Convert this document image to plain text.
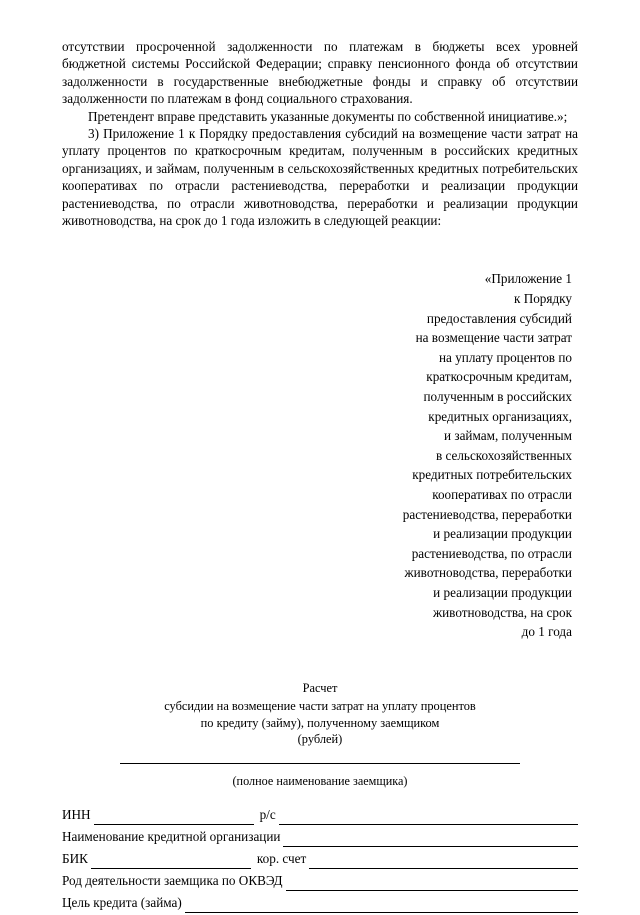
отсутствии просроченной задолженности по платежам в бюджеты всех уровней бюджетной системы Российской Федерации; справку пенсионного фонда об отсутствии задолженности в государственные внебюджетные фонды и справку об отсутствии задолженности по платежам в фонд социального страхования.

Претендент вправе представить указанные документы по собственной инициативе.»;

3) Приложение 1 к Порядку предоставления субсидий на возмещение части затрат на уплату процентов по краткосрочным кредитам, полученным в российских кредитных организациях, и займам, полученным в сельскохозяйственных кредитных потребительских кооперативах по отрасли растениеводства, переработки и реализации продукции растениеводства, по отрасли животноводства, переработки и реализации продукции животноводства, на срок до 1 года изложить в следующей реакции:

«Приложение 1
к Порядку
предоставления субсидий
на возмещение части затрат
на уплату процентов по
краткосрочным кредитам,
полученным в российских
кредитных организациях,
и займам, полученным
в сельскохозяйственных
кредитных потребительских
кооперативах по отрасли
растениеводства, переработки
и реализации продукции
растениеводства, по отрасли
животноводства, переработки
и реализации продукции
животноводства, на срок
до 1 года
Расчет
субсидии на возмещение части затрат на уплату процентов
по кредиту (займу), полученному заемщиком
(рублей)
(полное наименование заемщика)
ИНН	р/с
Наименование кредитной организации
БИК	кор. счет
Род деятельности заемщика по ОКВЭД
Цель кредита (займа)
